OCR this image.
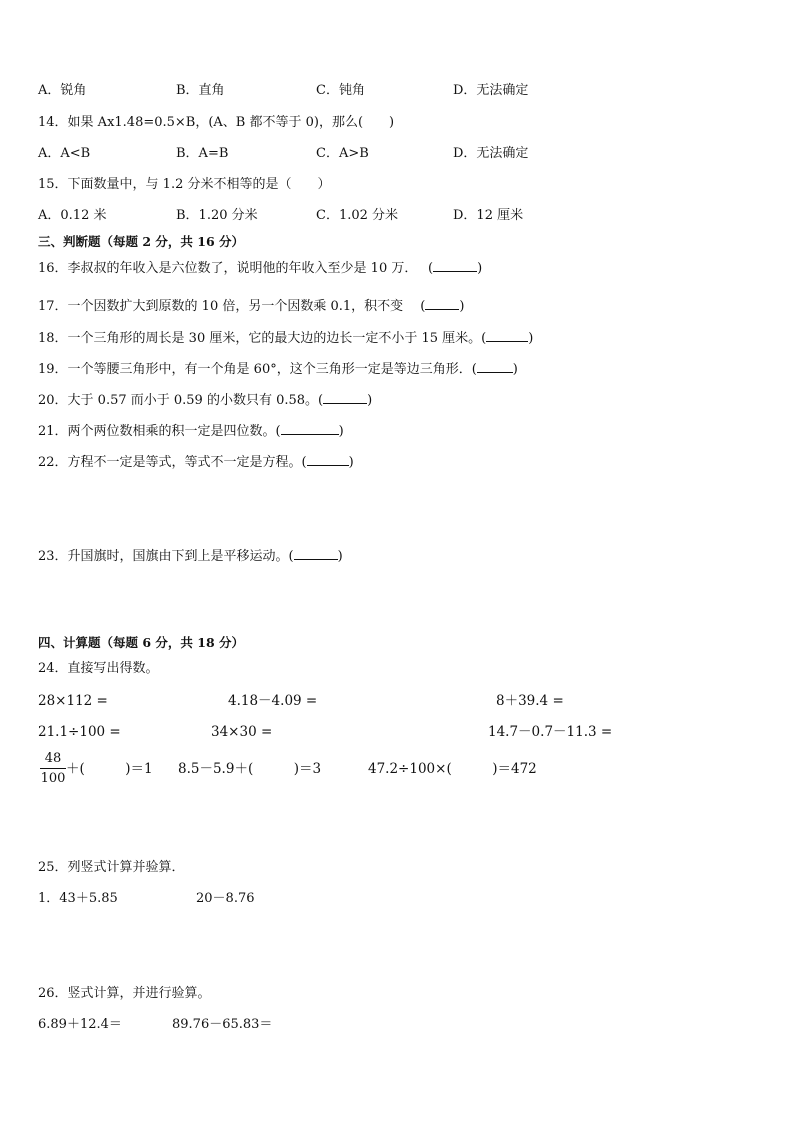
A．锐角	B．直角	C．钝角	D．无法确定
14．如果 Ax1.48=0.5×B，(A、B 都不等于 0)，那么(　　)
A．A<B	B．A=B	C．A>B	D．无法确定
15．下面数量中，与 1.2 分米不相等的是（　　）
A．0.12 米	B．1.20 分米	C．1.02 分米	D．12 厘米
三、判断题（每题 2 分，共 16 分）
16．李叔叔的年收入是六位数了，说明他的年收入至少是 10 万．　 (	)
17．一个因数扩大到原数的 10 倍，另一个因数乘 0.1，积不变　 (	)
18．一个三角形的周长是 30 厘米，它的最大边的边长一定不小于 15 厘米。(	)
19．一个等腰三角形中，有一个角是 60°，这个三角形一定是等边三角形．(	)
20．大于 0.57 而小于 0.59 的小数只有 0.58。(	)
21．两个两位数相乘的积一定是四位数。(	)
22．方程不一定是等式，等式不一定是方程。(	)
23．升国旗时，国旗由下到上是平移运动。(	)
四、计算题（每题 6 分，共 18 分）
24．直接写出得数。
28×112 =	4.18－4.09 =	8＋39.4 =
21.1÷100 =	34×30 =	14.7－0.7－11.3 =
48
100
＋(　　　)＝1 8.5－5.9＋(　　　)＝3	47.2÷100×(　　　)＝472
25．列竖式计算并验算．
1．43＋5.85	20－8.76
26．竖式计算，并进行验算。
6.89＋12.4＝	89.76－65.83＝
